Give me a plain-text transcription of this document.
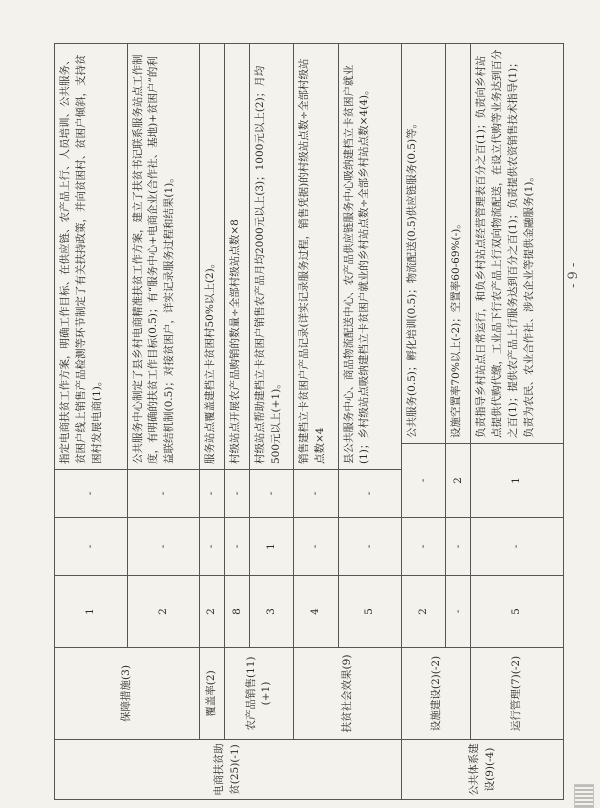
电商扶贫助贫(25)(-1)	保障措施(3)	1	-	-	指定电商扶贫工作方案，明确工作目标、在供应链、农产品上行、人员培训、公共服务、贫困户线上销售产品检测等环节制定了有关扶持政策，并向贫困村、贫困户倾斜，支持贫困村发展电商(1)。	
		2	-	-	公共服务中心制定了县乡村电商精准扶贫工作方案，建立了扶贫书记联系服务站点工作制度，有明确的扶贫工作目标(0.5)；有“服务中心+电商企业(合作社、基地)+贫困户”的利益联结机制(0.5)；对接贫困户，详实记录服务过程和结果(1)。	
	覆盖率(2)	2	-	-	服务站点覆盖建档立卡贫困村50%以上(2)。	
	农产品销售(11)(+1)	8	-	-	村级站点开展农产品购销的数量÷全部村级站点数×8	
		3	1	-	村级站点帮助建档立卡贫困户销售农产品月均2000元以上(3)；1000元以上(2)；月均500元以上(+1)。	
	扶贫社会效果(9)	4	-	-	销售建档立卡贫困户产品记录(详实记录服务过程，销售凭据)的村级站点数÷全部村级站点数×4	
		5	-	-	县公共服务中心、商品物流配送中心、农产品供应链服务中心吸纳建档立卡贫困户就业(1)；乡村级站点吸纳建档立卡贫困户就业的乡村站点数÷全部乡村站点数×4(4)。	
公共体系建设(9)(-4)	设施建设(2)(-2)	2	-	-		公共服务(0.5)；孵化培训(0.5)；物流配送(0.5)供应链服务(0.5)等。
		-	-	2		设施空置率70%以上(-2)；空置率60-69%(-)。
	运行管理(7)(-2)	5	-	1		负责指导乡村站点日常运行，和负乡村站点经营管理表百分之百(1)；负责向乡村站点提供代购代缴，工业品下行农产品上行双向物流配送，在设立代购等业务达到百分之百(1)；提供农产品上行服务达到百分之百(1)；负责提供农资销售技术指导(1)；负责为农民、农业合作社、涉农企业等提供金融服务(1)。 - 9 -
